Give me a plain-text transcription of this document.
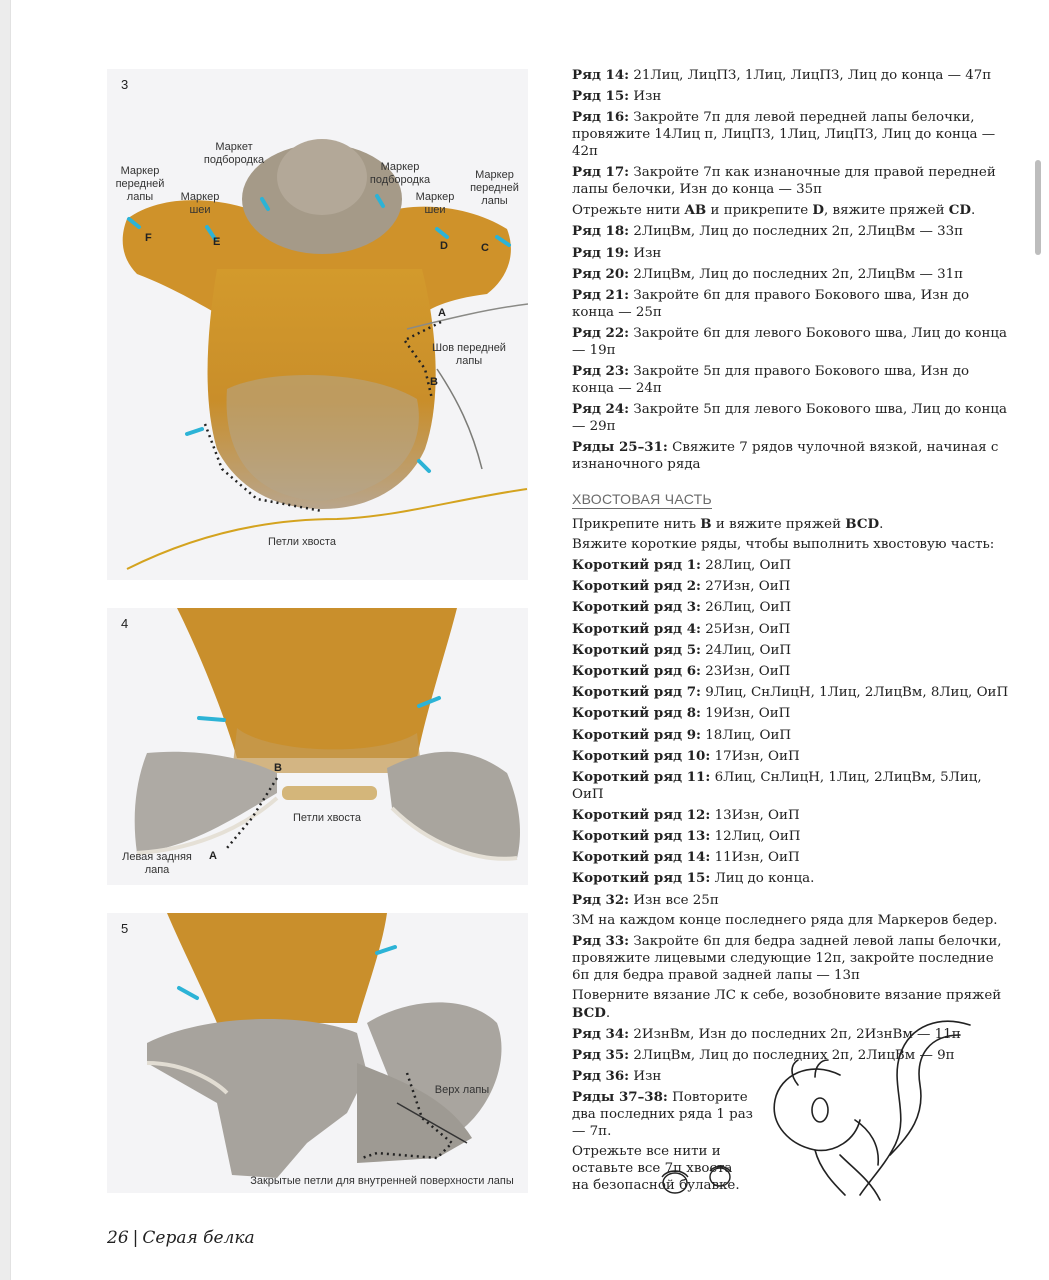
3
Маркет подбородка
Маркер подбородка
Маркер передней лапы
Маркер передней лапы
Маркер шеи
Маркер шеи
Шов передней лапы
Петли хвоста
F	E	D	C
A
B
4
Петли хвоста
Левая задняя лапа
B
A
5
Верх лапы
Закрытые петли для внутренней поверхности лапы

Ряд 14: 21Лиц, ЛицПЗ, 1Лиц, ЛицПЗ, Лиц до конца — 47п

Ряд 15: Изн

Ряд 16: Закройте 7п для левой передней лапы белочки, провяжите 14Лиц п, ЛицПЗ, 1Лиц, ЛицПЗ, Лиц до конца — 42п

Ряд 17: Закройте 7п как изнаночные для правой передней лапы белочки, Изн до конца — 35п

Отрежьте нити AB и прикрепите D, вяжите пряжей CD.

Ряд 18: 2ЛицВм, Лиц до последних 2п, 2ЛицВм — 33п

Ряд 19: Изн

Ряд 20: 2ЛицВм, Лиц до последних 2п, 2ЛицВм — 31п

Ряд 21: Закройте 6п для правого Бокового шва, Изн до конца — 25п

Ряд 22: Закройте 6п для левого Бокового шва, Лиц до конца — 19п

Ряд 23: Закройте 5п для правого Бокового шва, Изн до конца — 24п

Ряд 24: Закройте 5п для левого Бокового шва, Лиц до конца — 29п

Ряды 25–31: Свяжите 7 рядов чулочной вязкой, начиная с изнаночного ряда

ХВОСТОВАЯ ЧАСТЬ

Прикрепите нить B и вяжите пряжей BCD.

Вяжите короткие ряды, чтобы выполнить хвостовую часть:

Короткий ряд 1: 28Лиц, ОиП

Короткий ряд 2: 27Изн, ОиП

Короткий ряд 3: 26Лиц, ОиП

Короткий ряд 4: 25Изн, ОиП

Короткий ряд 5: 24Лиц, ОиП

Короткий ряд 6: 23Изн, ОиП

Короткий ряд 7: 9Лиц, СнЛицН, 1Лиц, 2ЛицВм, 8Лиц, ОиП

Короткий ряд 8: 19Изн, ОиП

Короткий ряд 9: 18Лиц, ОиП

Короткий ряд 10: 17Изн, ОиП

Короткий ряд 11: 6Лиц, СнЛицН, 1Лиц, 2ЛицВм, 5Лиц, ОиП

Короткий ряд 12: 13Изн, ОиП

Короткий ряд 13: 12Лиц, ОиП

Короткий ряд 14: 11Изн, ОиП

Короткий ряд 15: Лиц до конца.

Ряд 32: Изн все 25п

ЗМ на каждом конце последнего ряда для Маркеров бедер.

Ряд 33: Закройте 6п для бедра задней левой лапы белочки, провяжите лицевыми следующие 12п, закройте последние 6п для бедра правой задней лапы — 13п

Поверните вязание ЛС к себе, возобновите вязание пряжей BCD.

Ряд 34: 2ИзнВм, Изн до последних 2п, 2ИзнВм — 11п

Ряд 35: 2ЛицВм, Лиц до последних 2п, 2ЛицВм — 9п

Ряд 36: Изн

Ряды 37–38: Повторите два последних ряда 1 раз — 7п.

Отрежьте все нити и оставьте все 7п хвоста на безопасной булавке.

26 | Серая белка
